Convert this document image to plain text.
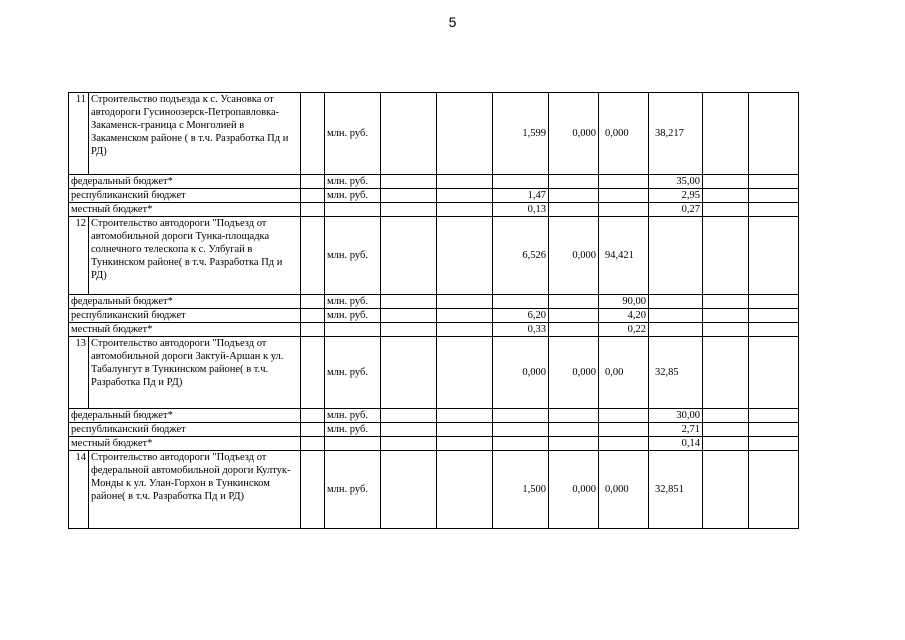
5
11	Строительство подъезда к с. Усановка от автодороги Гусиноозерск-Петропавловка-Закаменск-граница с Монголией в Закаменском районе ( в т.ч. Разработка Пд и РД)		млн. руб.			1,599	0,000	0,000	38,217		
федеральный бюджет*			млн. руб.						35,00		
республиканский бюджет			млн. руб.			1,47			2,95		
местный бюджет*						0,13			0,27		
12	Строительство автодороги "Подъезд от автомобильной дороги Тунка-площадка солнечного телескопа к с. Улбугай в Тункинском районе( в т.ч. Разработка Пд и РД)		млн. руб.			6,526	0,000	94,421			
федеральный бюджет*			млн. руб.					90,00			
республиканский бюджет			млн. руб.			6,20		4,20			
местный бюджет*						0,33		0,22			
13	Строительство автодороги "Подъезд от автомобильной дороги Зактуй-Аршан к ул. Табалунгут в Тункинском районе( в т.ч. Разработка Пд и РД)		млн. руб.			0,000	0,000	0,00	32,85		
федеральный бюджет*			млн. руб.						30,00		
республиканский бюджет			млн. руб.						2,71		
местный бюджет*									0,14		
14	Строительство автодороги "Подъезд от федеральной автомобильной дороги Култук-Монды к ул. Улан-Горхон в Тункинском районе( в т.ч. Разработка Пд и РД)		млн. руб.			1,500	0,000	0,000	32,851		
